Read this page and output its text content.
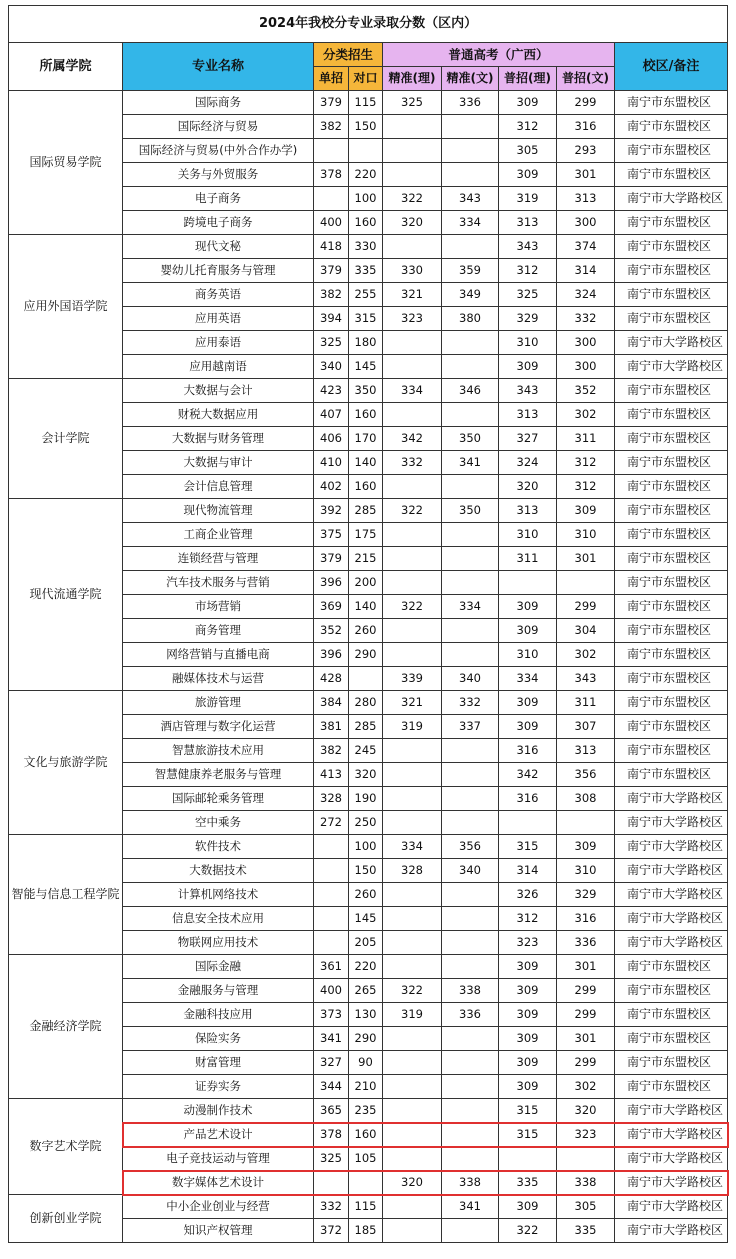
2024年我校分专业录取分数（区内）								
所属学院	专业名称	分类招生		普通高考（广西）				校区/备注
		单招	对口	精准(理)	精准(文)	普招(理)	普招(文)	
国际贸易学院	国际商务	379	115	325	336	309	299	南宁市东盟校区
	国际经济与贸易	382	150			312	316	南宁市东盟校区
	国际经济与贸易(中外合作办学)					305	293	南宁市东盟校区
	关务与外贸服务	378	220			309	301	南宁市东盟校区
	电子商务		100	322	343	319	313	南宁市大学路校区
	跨境电子商务	400	160	320	334	313	300	南宁市东盟校区
应用外国语学院	现代文秘	418	330			343	374	南宁市东盟校区
	婴幼儿托育服务与管理	379	335	330	359	312	314	南宁市东盟校区
	商务英语	382	255	321	349	325	324	南宁市东盟校区
	应用英语	394	315	323	380	329	332	南宁市东盟校区
	应用泰语	325	180			310	300	南宁市大学路校区
	应用越南语	340	145			309	300	南宁市大学路校区
会计学院	大数据与会计	423	350	334	346	343	352	南宁市东盟校区
	财税大数据应用	407	160			313	302	南宁市东盟校区
	大数据与财务管理	406	170	342	350	327	311	南宁市东盟校区
	大数据与审计	410	140	332	341	324	312	南宁市东盟校区
	会计信息管理	402	160			320	312	南宁市东盟校区
现代流通学院	现代物流管理	392	285	322	350	313	309	南宁市东盟校区
	工商企业管理	375	175			310	310	南宁市东盟校区
	连锁经营与管理	379	215			311	301	南宁市东盟校区
	汽车技术服务与营销	396	200					南宁市东盟校区
	市场营销	369	140	322	334	309	299	南宁市东盟校区
	商务管理	352	260			309	304	南宁市东盟校区
	网络营销与直播电商	396	290			310	302	南宁市东盟校区
	融媒体技术与运营	428		339	340	334	343	南宁市东盟校区
文化与旅游学院	旅游管理	384	280	321	332	309	311	南宁市东盟校区
	酒店管理与数字化运营	381	285	319	337	309	307	南宁市东盟校区
	智慧旅游技术应用	382	245			316	313	南宁市东盟校区
	智慧健康养老服务与管理	413	320			342	356	南宁市东盟校区
	国际邮轮乘务管理	328	190			316	308	南宁市大学路校区
	空中乘务	272	250					南宁市大学路校区
智能与信息工程学院	软件技术		100	334	356	315	309	南宁市大学路校区
	大数据技术		150	328	340	314	310	南宁市大学路校区
	计算机网络技术		260			326	329	南宁市大学路校区
	信息安全技术应用		145			312	316	南宁市大学路校区
	物联网应用技术		205			323	336	南宁市大学路校区
金融经济学院	国际金融	361	220			309	301	南宁市东盟校区
	金融服务与管理	400	265	322	338	309	299	南宁市东盟校区
	金融科技应用	373	130	319	336	309	299	南宁市东盟校区
	保险实务	341	290			309	301	南宁市东盟校区
	财富管理	327	90			309	299	南宁市东盟校区
	证券实务	344	210			309	302	南宁市东盟校区
数字艺术学院	动漫制作技术	365	235			315	320	南宁市大学路校区
	产品艺术设计	378	160			315	323	南宁市大学路校区
	电子竞技运动与管理	325	105					南宁市大学路校区
	数字媒体艺术设计			320	338	335	338	南宁市大学路校区
创新创业学院	中小企业创业与经营	332	115		341	309	305	南宁市大学路校区
	知识产权管理	372	185			322	335	南宁市大学路校区
